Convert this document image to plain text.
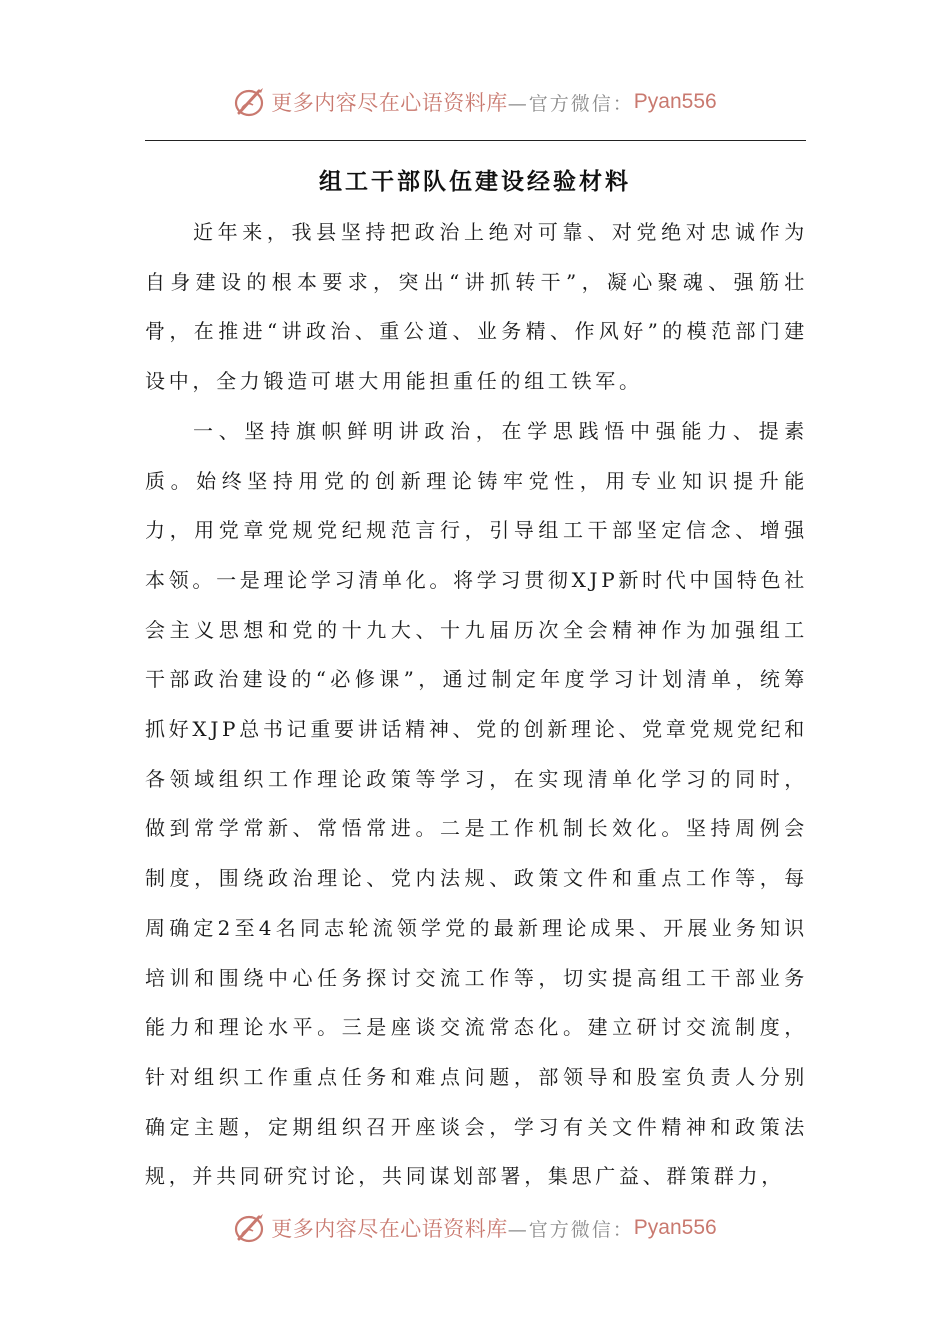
更多内容尽在心语资料库 —官方微信： Pyan556
组工干部队伍建设经验材料

近年来，我县坚持把政治上绝对可靠、对党绝对忠诚作为自身建设的根本要求，突出“讲抓转干”，凝心聚魂、强筋壮骨，在推进“讲政治、重公道、业务精、作风好”的模范部门建设中，全力锻造可堪大用能担重任的组工铁军。

一、坚持旗帜鲜明讲政治，在学思践悟中强能力、提素质。始终坚持用党的创新理论铸牢党性，用专业知识提升能力，用党章党规党纪规范言行，引导组工干部坚定信念、增强本领。一是理论学习清单化。将学习贯彻XJP新时代中国特色社会主义思想和党的十九大、十九届历次全会精神作为加强组工干部政治建设的“必修课”，通过制定年度学习计划清单，统筹抓好XJP总书记重要讲话精神、党的创新理论、党章党规党纪和各领域组织工作理论政策等学习，在实现清单化学习的同时，做到常学常新、常悟常进。二是工作机制长效化。坚持周例会制度，围绕政治理论、党内法规、政策文件和重点工作等，每周确定2至4名同志轮流领学党的最新理论成果、开展业务知识培训和围绕中心任务探讨交流工作等，切实提高组工干部业务能力和理论水平。三是座谈交流常态化。建立研讨交流制度，针对组织工作重点任务和难点问题，部领导和股室负责人分别确定主题，定期组织召开座谈会，学习有关文件精神和政策法规，并共同研究讨论，共同谋划部署，集思广益、群策群力，

更多内容尽在心语资料库 —官方微信： Pyan556
